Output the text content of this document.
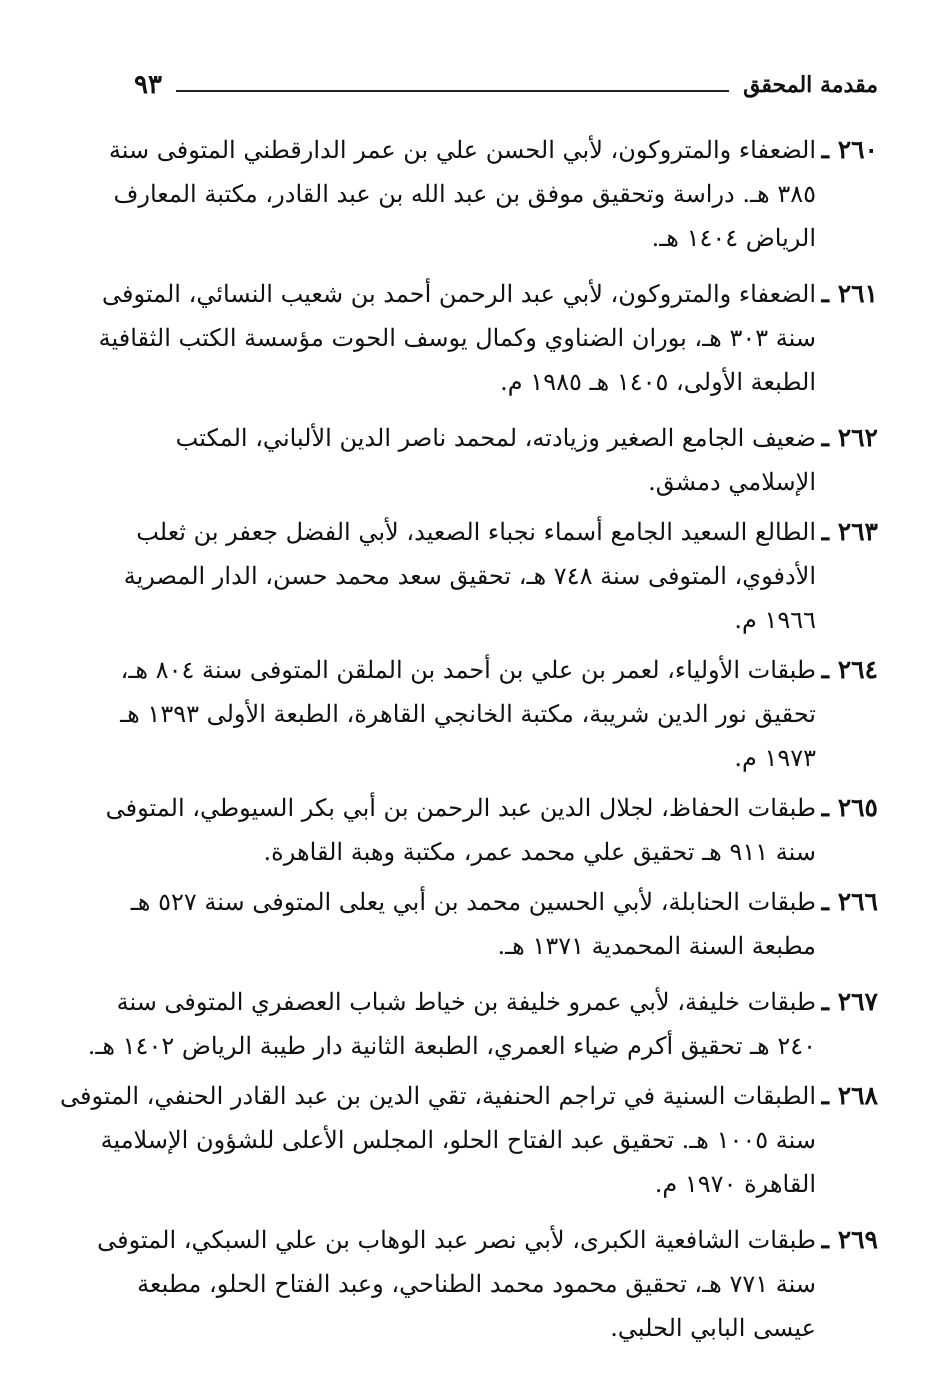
مقدمة المحقق
٩٣
٢٦٠ ـ
الضعفاء والمتروكون، لأبي الحسن علي بن عمر الدارقطني المتوفى سنة
٣٨٥ هـ. دراسة وتحقيق موفق بن عبد الله بن عبد القادر، مكتبة المعارف
الرياض ١٤٠٤ هـ.
٢٦١ ـ
الضعفاء والمتروكون، لأبي عبد الرحمن أحمد بن شعيب النسائي، المتوفى
سنة ٣٠٣ هـ، بوران الضناوي وكمال يوسف الحوت مؤسسة الكتب الثقافية
الطبعة الأولى، ١٤٠٥ هـ ١٩٨٥ م.
٢٦٢ ـ
ضعيف الجامع الصغير وزيادته، لمحمد ناصر الدين الألباني، المكتب
الإسلامي دمشق.
٢٦٣ ـ
الطالع السعيد الجامع أسماء نجباء الصعيد، لأبي الفضل جعفر بن ثعلب
الأدفوي، المتوفى سنة ٧٤٨ هـ، تحقيق سعد محمد حسن، الدار المصرية
١٩٦٦ م.
٢٦٤ ـ
طبقات الأولياء، لعمر بن علي بن أحمد بن الملقن المتوفى سنة ٨٠٤ هـ،
تحقيق نور الدين شريبة، مكتبة الخانجي القاهرة، الطبعة الأولى ١٣٩٣ هـ
١٩٧٣ م.
٢٦٥ ـ
طبقات الحفاظ، لجلال الدين عبد الرحمن بن أبي بكر السيوطي، المتوفى
سنة ٩١١ هـ تحقيق علي محمد عمر، مكتبة وهبة القاهرة.
٢٦٦ ـ
طبقات الحنابلة، لأبي الحسين محمد بن أبي يعلى المتوفى سنة ٥٢٧ هـ
مطبعة السنة المحمدية ١٣٧١ هـ.
٢٦٧ ـ
طبقات خليفة، لأبي عمرو خليفة بن خياط شباب العصفري المتوفى سنة
٢٤٠ هـ تحقيق أكرم ضياء العمري، الطبعة الثانية دار طيبة الرياض ١٤٠٢ هـ.
٢٦٨ ـ
الطبقات السنية في تراجم الحنفية، تقي الدين بن عبد القادر الحنفي، المتوفى
سنة ١٠٠٥ هـ. تحقيق عبد الفتاح الحلو، المجلس الأعلى للشؤون الإسلامية
القاهرة ١٩٧٠ م.
٢٦٩ ـ
طبقات الشافعية الكبرى، لأبي نصر عبد الوهاب بن علي السبكي، المتوفى
سنة ٧٧١ هـ، تحقيق محمود محمد الطناحي، وعبد الفتاح الحلو، مطبعة
عيسى البابي الحلبي.
